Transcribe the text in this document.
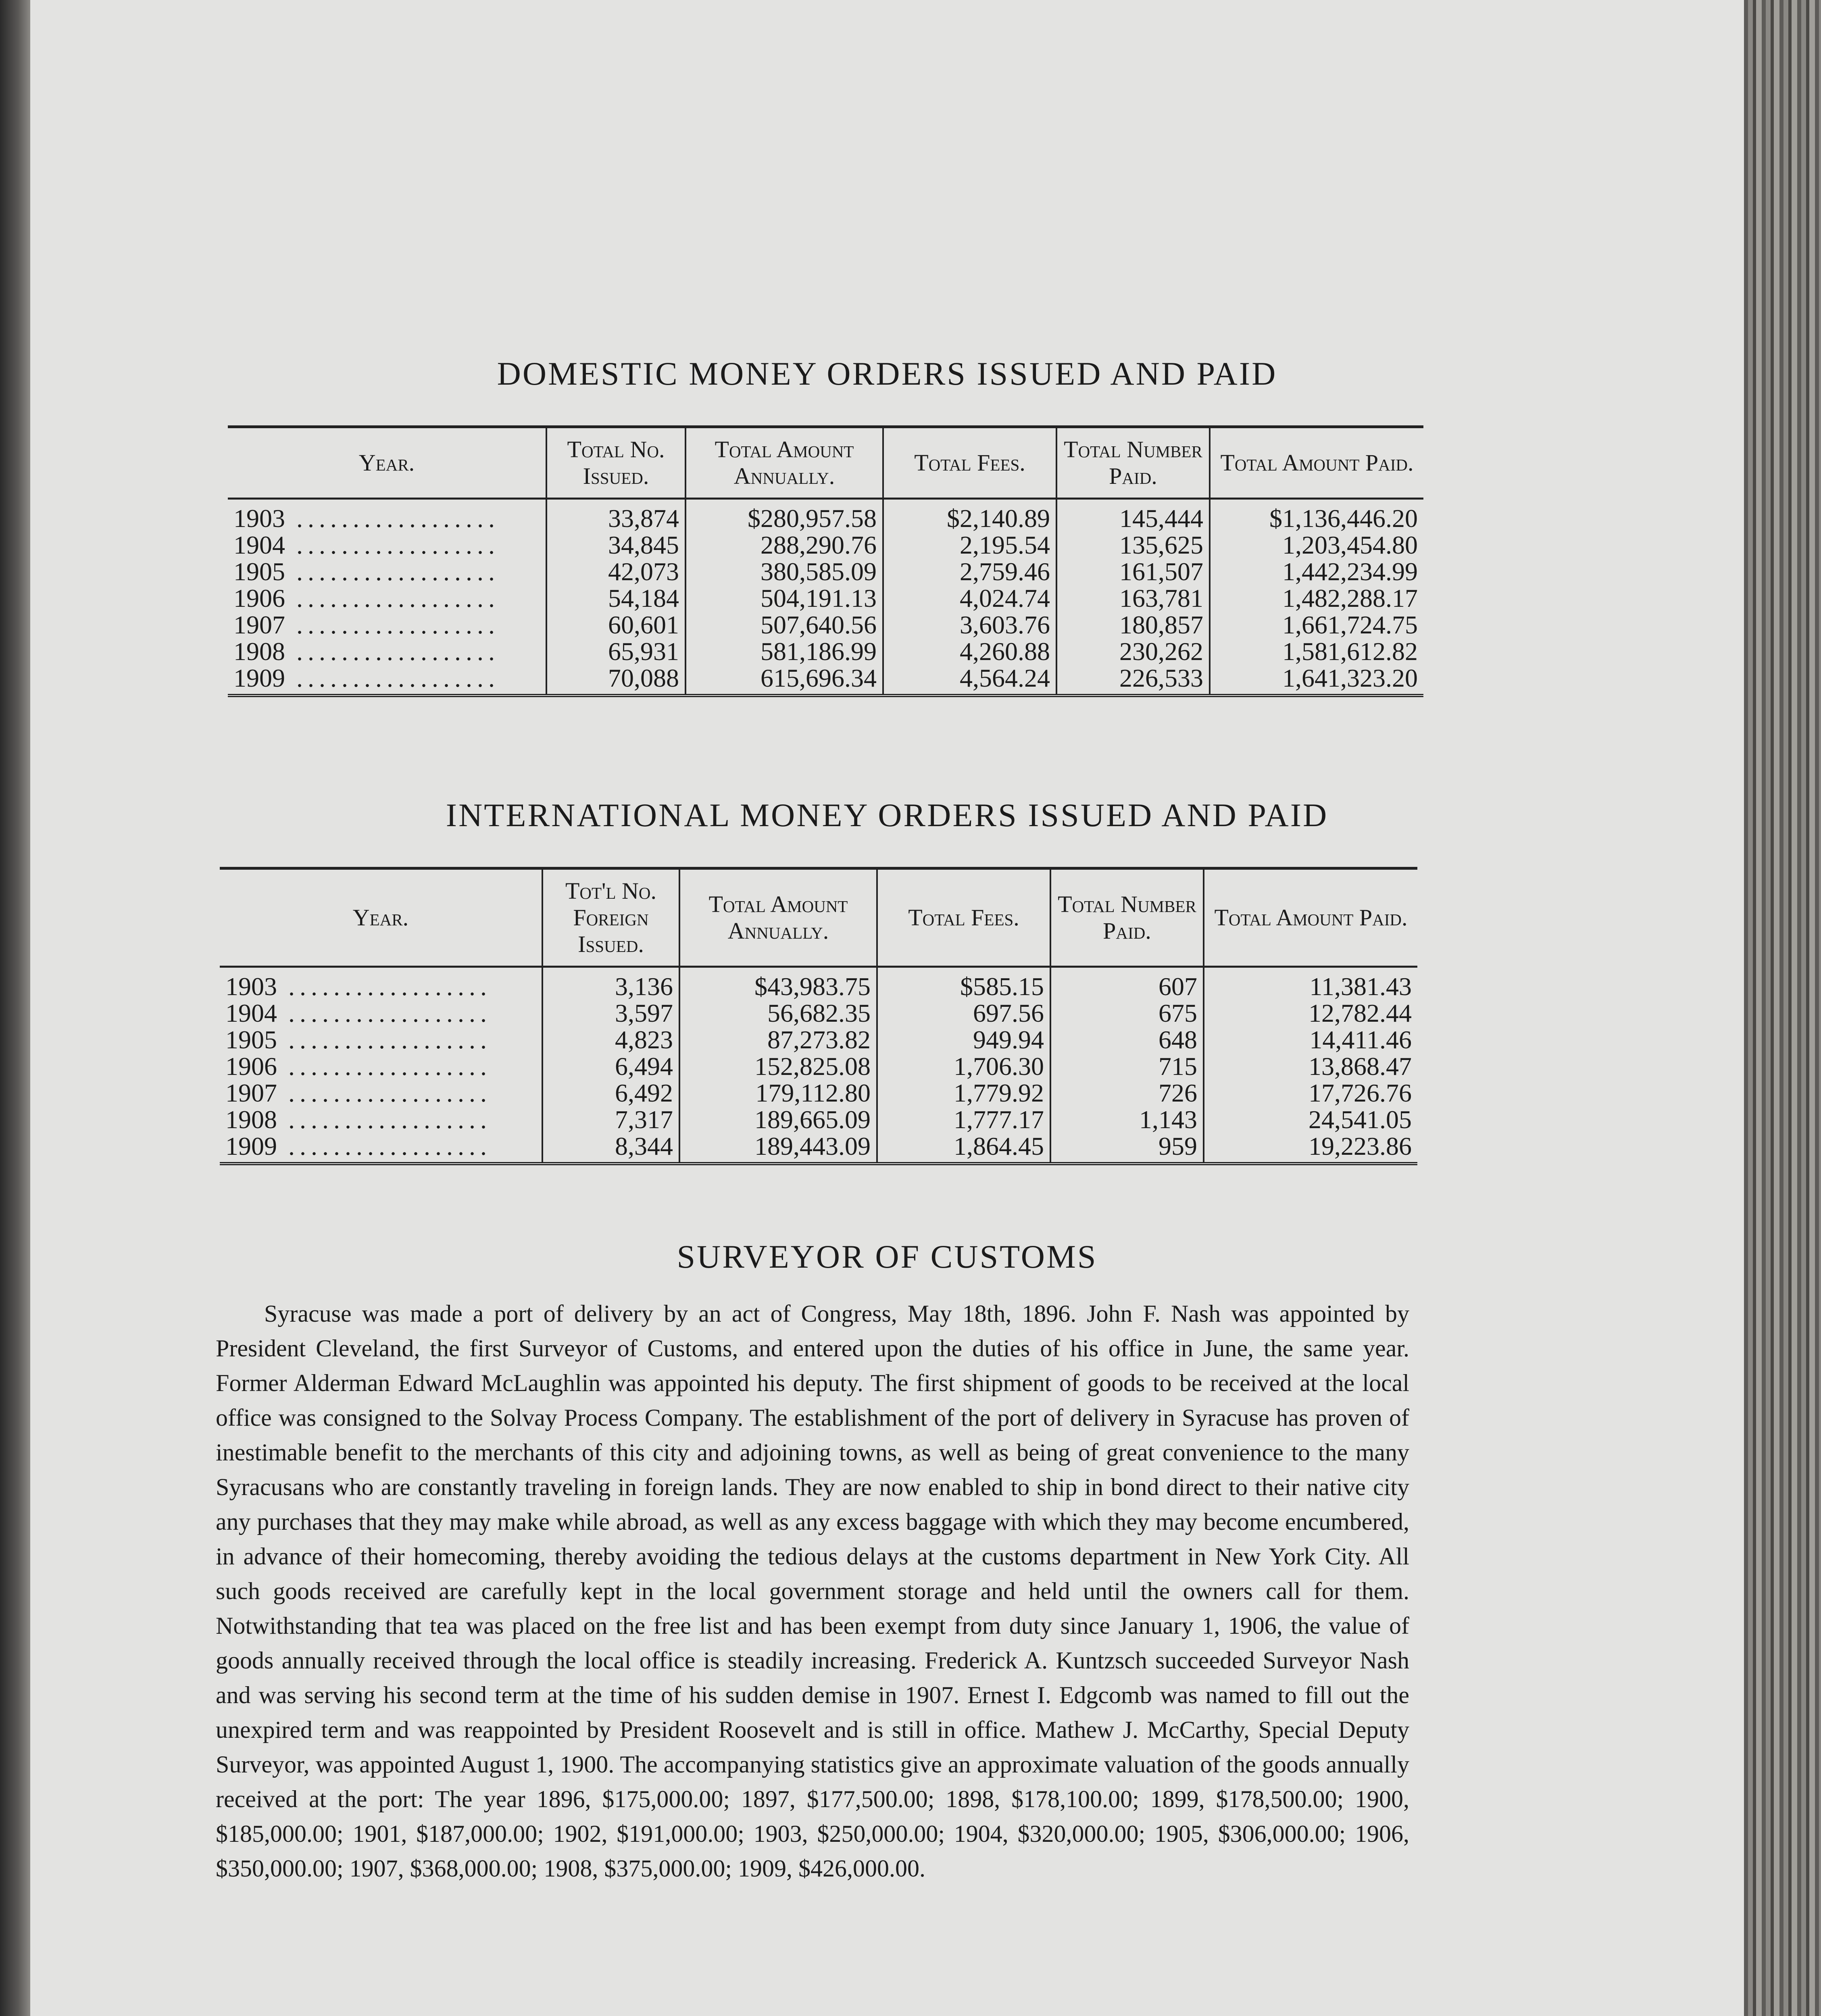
DOMESTIC MONEY ORDERS ISSUED AND PAID
Year.	Total No. Issued.	Total Amount Annually.	Total Fees.	Total Number Paid.	Total Amount Paid.
1903 ..................	33,874	$280,957.58	$2,140.89	145,444	$1,136,446.20
1904 ..................	34,845	288,290.76	2,195.54	135,625	1,203,454.80
1905 ..................	42,073	380,585.09	2,759.46	161,507	1,442,234.99
1906 ..................	54,184	504,191.13	4,024.74	163,781	1,482,288.17
1907 ..................	60,601	507,640.56	3,603.76	180,857	1,661,724.75
1908 ..................	65,931	581,186.99	4,260.88	230,262	1,581,612.82
1909 ..................	70,088	615,696.34	4,564.24	226,533	1,641,323.20
INTERNATIONAL MONEY ORDERS ISSUED AND PAID
Year.	Tot'l No. Foreign Issued.	Total Amount Annually.	Total Fees.	Total Number Paid.	Total Amount Paid.
1903 ..................	3,136	$43,983.75	$585.15	607	11,381.43
1904 ..................	3,597	56,682.35	697.56	675	12,782.44
1905 ..................	4,823	87,273.82	949.94	648	14,411.46
1906 ..................	6,494	152,825.08	1,706.30	715	13,868.47
1907 ..................	6,492	179,112.80	1,779.92	726	17,726.76
1908 ..................	7,317	189,665.09	1,777.17	1,143	24,541.05
1909 ..................	8,344	189,443.09	1,864.45	959	19,223.86
SURVEYOR OF CUSTOMS

Syracuse was made a port of delivery by an act of Congress, May 18th, 1896. John F. Nash was appointed by President Cleveland, the first Surveyor of Customs, and entered upon the duties of his office in June, the same year. Former Alderman Edward McLaughlin was appointed his deputy. The first shipment of goods to be received at the local office was consigned to the Solvay Process Company. The establishment of the port of delivery in Syracuse has proven of inestimable benefit to the merchants of this city and adjoining towns, as well as being of great convenience to the many Syracusans who are constantly traveling in foreign lands. They are now enabled to ship in bond direct to their native city any purchases that they may make while abroad, as well as any excess baggage with which they may become encumbered, in advance of their homecoming, thereby avoiding the tedious delays at the customs department in New York City. All such goods received are carefully kept in the local government storage and held until the owners call for them. Notwithstanding that tea was placed on the free list and has been exempt from duty since January 1, 1906, the value of goods annually received through the local office is steadily increasing. Frederick A. Kuntzsch succeeded Surveyor Nash and was serving his second term at the time of his sudden demise in 1907. Ernest I. Edgcomb was named to fill out the unexpired term and was reappointed by President Roosevelt and is still in office. Mathew J. McCarthy, Special Deputy Surveyor, was appointed August 1, 1900. The accompanying statistics give an approximate valuation of the goods annually received at the port: The year 1896, $175,000.00; 1897, $177,500.00; 1898, $178,100.00; 1899, $178,500.00; 1900, $185,000.00; 1901, $187,000.00; 1902, $191,000.00; 1903, $250,000.00; 1904, $320,000.00; 1905, $306,000.00; 1906, $350,000.00; 1907, $368,000.00; 1908, $375,000.00; 1909, $426,000.00.
